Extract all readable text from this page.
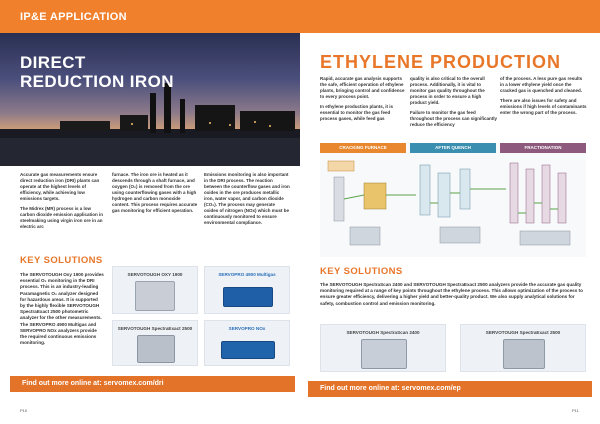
IP&E APPLICATION
DIRECT
REDUCTION IRON

Accurate gas measurements ensure direct reduction iron (DRI) plants can operate at the highest levels of efficiency, while achieving low emissions targets.

The Midrex (MR) process is a low carbon dioxide emission application in steelmaking using virgin iron ore in an electric arc

furnace. The iron ore is heated as it descends through a shaft furnace, and oxygen (O₂) is removed from the ore using counterflowing gases with a high hydrogen and carbon monoxide content. This process requires accurate gas monitoring for efficient operation.

Emissions monitoring is also important in the DRI process. The reaction between the counterflow gases and iron oxides in the ore produces metallic iron, water vapor, and carbon dioxide (CO₂). The process may generate oxides of nitrogen (NOx) which must be continuously monitored to ensure environmental compliance.

KEY SOLUTIONS
The SERVOTOUGH Oxy 1900 provides essential O₂ monitoring in the DRI process. This is an industry-leading Paramagnetic O₂ analyzer designed for hazardous areas. It is supported by the highly flexible SERVOTOUGH SpectraExact 2500 photometric analyzer for the other measurements. The SERVOPRO 4900 Multigas and SERVOPRO NOx analyzers provide the required continuous emissions monitoring.
SERVOTOUGH OXY 1900	SERVOPRO 4900 Multigas
SERVOTOUGH SpectraExact 2500	SERVOPRO NOx
Find out more online at: servomex.com/dri
P10
ETHYLENE PRODUCTION

Rapid, accurate gas analysis supports the safe, efficient operation of ethylene plants, bringing control and confidence to every process point.

In ethylene production plants, it is essential to monitor the gas feed process gases, while feed gas

quality is also critical to the overall process. Additionally, it is vital to monitor gas quality throughout the process in order to ensure a high product yield.

Failure to monitor the gas feed throughout the process can significantly reduce the efficiency

of the process. A less pure gas results in a lower ethylene yield once the cracked gas is quenched and cleaned.

There are also issues for safety and emissions if high levels of contaminants enter the wrong part of the process.

CRACKING FURNACE	AFTER QUENCH	FRACTIONATION
KEY SOLUTIONS
The SERVOTOUGH SpectraScan 2400 and SERVOTOUGH SpectraExact 2500 analyzers provide the accurate gas quality monitoring required at a range of key points throughout the ethylene process. This allows optimization of the process to ensure greater efficiency, delivering a higher yield and better-quality product. We also supply analytical solutions for safety, combustion control and emission monitoring.
SERVOTOUGH SpectraScan 2400	SERVOTOUGH SpectraExact 2500
Find out more online at: servomex.com/ep
P11
